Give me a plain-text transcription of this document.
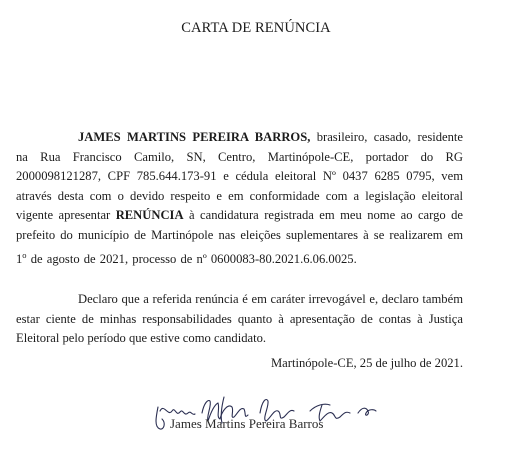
CARTA DE RENÚNCIA

JAMES MARTINS PEREIRA BARROS, brasileiro, casado, residente na Rua Francisco Camilo, SN, Centro, Martinópole-CE, portador do RG 2000098121287, CPF 785.644.173-91 e cédula eleitoral Nº 0437 6285 0795, vem através desta com o devido respeito e em conformidade com a legislação eleitoral vigente apresentar RENÚNCIA à candidatura registrada em meu nome ao cargo de prefeito do município de Martinópole nas eleições suplementares à se realizarem em 1$^o$ de agosto de 2021, processo de nº 0600083-80.2021.6.06.0025.

Declaro que a referida renúncia é em caráter irrevogável e, declaro também estar ciente de minhas responsabilidades quanto à apresentação de contas à Justiça Eleitoral pelo período que estive como candidato.

Martinópole-CE, 25 de julho de 2021.
James Martins Pereira Barros
